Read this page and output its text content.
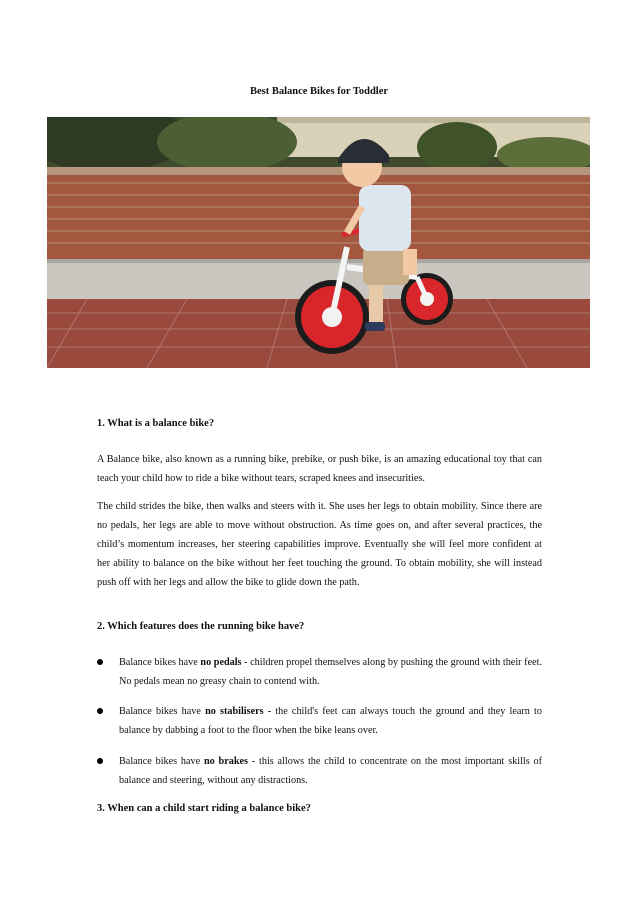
Best Balance Bikes for Toddler
1. What is a balance bike?
A Balance bike, also known as a running bike, prebike, or push bike, is an amazing educational toy that can teach your child how to ride a bike without tears, scraped knees and insecurities.
The child strides the bike, then walks and steers with it. She uses her legs to obtain mobility. Since there are no pedals, her legs are able to move without obstruction. As time goes on, and after several practices, the child’s momentum increases, her steering capabilities improve. Eventually she will feel more confident at her ability to balance on the bike without her feet touching the ground. To obtain mobility, she will instead push off with her legs and allow the bike to glide down the path.
2. Which features does the running bike have?
Balance bikes have no pedals - children propel themselves along by pushing the ground with their feet. No pedals mean no greasy chain to contend with.
Balance bikes have no stabilisers - the child's feet can always touch the ground and they learn to balance by dabbing a foot to the floor when the bike leans over.
Balance bikes have no brakes - this allows the child to concentrate on the most important skills of balance and steering, without any distractions.
3. When can a child start riding a balance bike?
